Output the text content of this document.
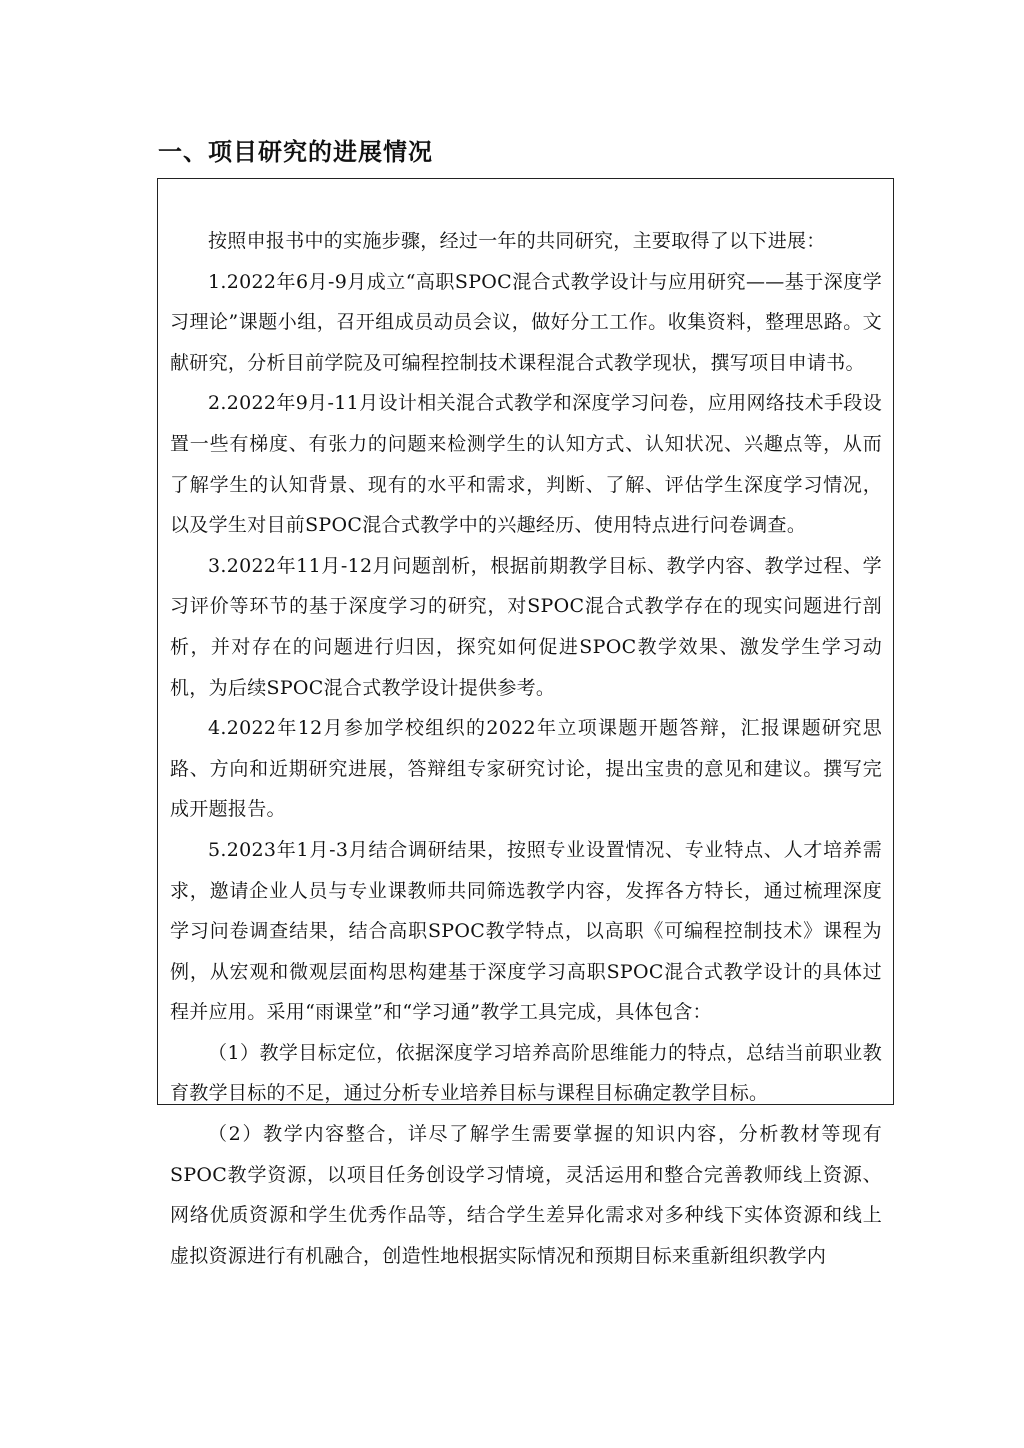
一、项目研究的进展情况

按照申报书中的实施步骤，经过一年的共同研究，主要取得了以下进展：

1.2022年6月-9月成立“高职SPOC混合式教学设计与应用研究——基于深度学习理论”课题小组，召开组成员动员会议，做好分工工作。收集资料，整理思路。文献研究，分析目前学院及可编程控制技术课程混合式教学现状，撰写项目申请书。

2.2022年9月-11月设计相关混合式教学和深度学习问卷，应用网络技术手段设置一些有梯度、有张力的问题来检测学生的认知方式、认知状况、兴趣点等，从而了解学生的认知背景、现有的水平和需求，判断、了解、评估学生深度学习情况，以及学生对目前SPOC混合式教学中的兴趣经历、使用特点进行问卷调查。

3.2022年11月-12月问题剖析，根据前期教学目标、教学内容、教学过程、学习评价等环节的基于深度学习的研究，对SPOC混合式教学存在的现实问题进行剖析，并对存在的问题进行归因，探究如何促进SPOC教学效果、激发学生学习动机，为后续SPOC混合式教学设计提供参考。

4.2022年12月参加学校组织的2022年立项课题开题答辩，汇报课题研究思路、方向和近期研究进展，答辩组专家研究讨论，提出宝贵的意见和建议。撰写完成开题报告。

5.2023年1月-3月结合调研结果，按照专业设置情况、专业特点、人才培养需求，邀请企业人员与专业课教师共同筛选教学内容，发挥各方特长，通过梳理深度学习问卷调查结果，结合高职SPOC教学特点，以高职《可编程控制技术》课程为例，从宏观和微观层面构思构建基于深度学习高职SPOC混合式教学设计的具体过程并应用。采用“雨课堂”和“学习通”教学工具完成，具体包含：

（1）教学目标定位，依据深度学习培养高阶思维能力的特点，总结当前职业教育教学目标的不足，通过分析专业培养目标与课程目标确定教学目标。

（2）教学内容整合，详尽了解学生需要掌握的知识内容，分析教材等现有SPOC教学资源，以项目任务创设学习情境，灵活运用和整合完善教师线上资源、网络优质资源和学生优秀作品等，结合学生差异化需求对多种线下实体资源和线上虚拟资源进行有机融合，创造性地根据实际情况和预期目标来重新组织教学内
